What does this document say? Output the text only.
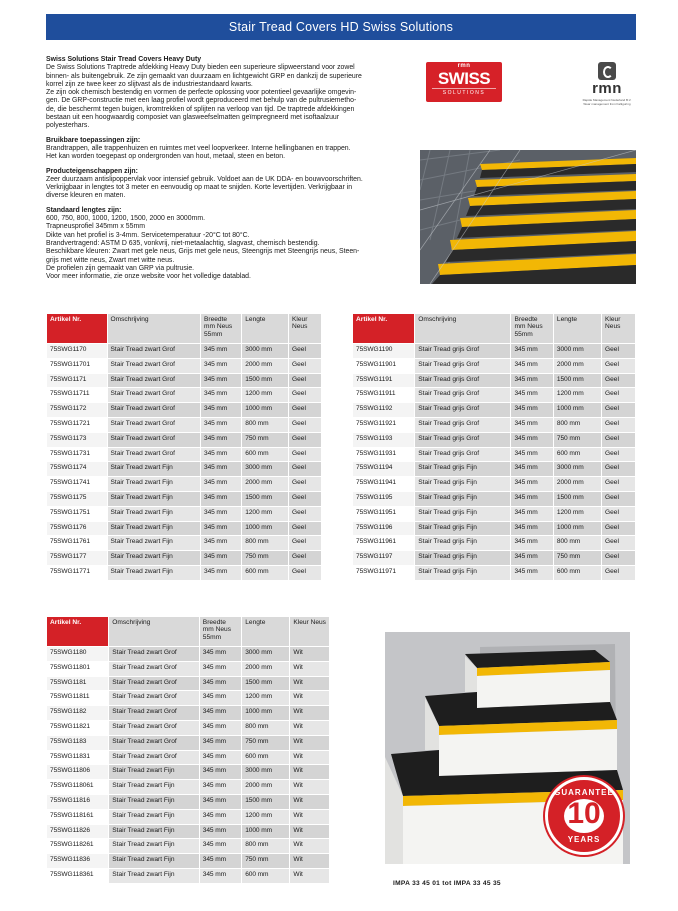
Stair Tread Covers HD Swiss Solutions
Swiss Solutions Stair Tread Covers Heavy Duty
De Swiss Solutions Traptrede afdekking Heavy Duty bieden een superieure slipweerstand voor zowel
binnen- als buitengebruik. Ze zijn gemaakt van duurzaam en lichtgewicht GRP en dankzij de superieure
korrel zijn ze twee keer zo slijtvast als de industriestandaard kwarts.
Ze zijn ook chemisch bestendig en vormen de perfecte oplossing voor potentieel gevaarlijke omgevin-
gen. De GRP-constructie met een laag profiel wordt geproduceerd met behulp van de pultrusiemetho-
de, die beschermt tegen buigen, kromtrekken of splijten na verloop van tijd. De traptrede afdekkingen
bestaan uit een hoogwaardig composiet van glasweefselmatten geïmpregneerd met isoftaalzuur
polyesterhars.
Bruikbare toepassingen zijn:
Brandtrappen, alle trappenhuizen en ruimtes met veel loopverkeer. Interne hellingbanen en trappen.
Het kan worden toegepast op ondergronden van hout, metaal, steen en beton.
Producteigenschappen zijn:
Zeer duurzaam antislipoppervlak voor intensief gebruik. Voldoet aan de UK DDA- en bouwvoorschriften.
Verkrijgbaar in lengtes tot 3 meter en eenvoudig op maat te snijden. Korte levertijden. Verkrijgbaar in
diverse kleuren en maten.
Standaard lengtes zijn:
600, 750, 800, 1000, 1200, 1500, 2000 en 3000mm.
Trapneusprofiel 345mm x 55mm
Dikte van het profiel is 3-4mm. Servicetemperatuur -20°C tot 80°C.
Brandvertragend: ASTM D 635, vonkvrij, niet-metaalachtig, slagvast, chemisch bestendig.
Beschikbare kleuren: Zwart met gele neus, Grijs met gele neus, Steengrijs met Steengrijs neus, Steen-
grijs met witte neus, Zwart met witte neus.
De profielen zijn gemaakt van GRP via pultrusie.
Voor meer informatie, zie onze website voor het volledige datablad.
rmn
SWISS
SOLUTIONS	rmn
Rapide Management Nederland B.V.
Wear management from Faltiguring
Artikel Nr.	Omschrijving	Breedte mm Neus 55mm	Lengte	Kleur Neus
75SWG1170	Stair Tread zwart Grof	345 mm	3000 mm	Geel
75SWG11701	Stair Tread zwart Grof	345 mm	2000 mm	Geel
75SWG1171	Stair Tread zwart Grof	345 mm	1500 mm	Geel
75SWG11711	Stair Tread zwart Grof	345 mm	1200 mm	Geel
75SWG1172	Stair Tread zwart Grof	345 mm	1000 mm	Geel
75SWG11721	Stair Tread zwart Grof	345 mm	800 mm	Geel
75SWG1173	Stair Tread zwart Grof	345 mm	750 mm	Geel
75SWG11731	Stair Tread zwart Grof	345 mm	600 mm	Geel
75SWG1174	Stair Tread zwart Fijn	345 mm	3000 mm	Geel
75SWG11741	Stair Tread zwart Fijn	345 mm	2000 mm	Geel
75SWG1175	Stair Tread zwart Fijn	345 mm	1500 mm	Geel
75SWG11751	Stair Tread zwart Fijn	345 mm	1200 mm	Geel
75SWG1176	Stair Tread zwart Fijn	345 mm	1000 mm	Geel
75SWG11761	Stair Tread zwart Fijn	345 mm	800 mm	Geel
75SWG1177	Stair Tread zwart Fijn	345 mm	750 mm	Geel
75SWG11771	Stair Tread zwart Fijn	345 mm	600 mm	Geel
Artikel Nr.	Omschrijving	Breedte mm Neus 55mm	Lengte	Kleur Neus
75SWG1190	Stair Tread grijs Grof	345 mm	3000 mm	Geel
75SWG11901	Stair Tread grijs Grof	345 mm	2000 mm	Geel
75SWG1191	Stair Tread grijs Grof	345 mm	1500 mm	Geel
75SWG11911	Stair Tread grijs Grof	345 mm	1200 mm	Geel
75SWG1192	Stair Tread grijs Grof	345 mm	1000 mm	Geel
75SWG11921	Stair Tread grijs Grof	345 mm	800 mm	Geel
75SWG1193	Stair Tread grijs Grof	345 mm	750 mm	Geel
75SWG11931	Stair Tread grijs Grof	345 mm	600 mm	Geel
75SWG1194	Stair Tread grijs Fijn	345 mm	3000 mm	Geel
75SWG11941	Stair Tread grijs Fijn	345 mm	2000 mm	Geel
75SWG1195	Stair Tread grijs Fijn	345 mm	1500 mm	Geel
75SWG11951	Stair Tread grijs Fijn	345 mm	1200 mm	Geel
75SWG1196	Stair Tread grijs Fijn	345 mm	1000 mm	Geel
75SWG11961	Stair Tread grijs Fijn	345 mm	800 mm	Geel
75SWG1197	Stair Tread grijs Fijn	345 mm	750 mm	Geel
75SWG11971	Stair Tread grijs Fijn	345 mm	600 mm	Geel
Artikel Nr.	Omschrijving	Breedte mm Neus 55mm	Lengte	Kleur Neus
75SWG1180	Stair Tread zwart Grof	345 mm	3000 mm	Wit
75SWG11801	Stair Tread zwart Grof	345 mm	2000 mm	Wit
75SWG1181	Stair Tread zwart Grof	345 mm	1500 mm	Wit
75SWG11811	Stair Tread zwart Grof	345 mm	1200 mm	Wit
75SWG1182	Stair Tread zwart Grof	345 mm	1000 mm	Wit
75SWG11821	Stair Tread zwart Grof	345 mm	800 mm	Wit
75SWG1183	Stair Tread zwart Grof	345 mm	750 mm	Wit
75SWG11831	Stair Tread zwart Grof	345 mm	600 mm	Wit
75SWG11806	Stair Tread zwart Fijn	345 mm	3000 mm	Wit
75SWG118061	Stair Tread zwart Fijn	345 mm	2000 mm	Wit
75SWG11816	Stair Tread zwart Fijn	345 mm	1500 mm	Wit
75SWG118161	Stair Tread zwart Fijn	345 mm	1200 mm	Wit
75SWG11826	Stair Tread zwart Fijn	345 mm	1000 mm	Wit
75SWG118261	Stair Tread zwart Fijn	345 mm	800 mm	Wit
75SWG11836	Stair Tread zwart Fijn	345 mm	750 mm	Wit
75SWG118361	Stair Tread zwart Fijn	345 mm	600 mm	Wit
GUARANTEE
10
YEARS
IMPA 33 45 01 tot IMPA 33 45 35
